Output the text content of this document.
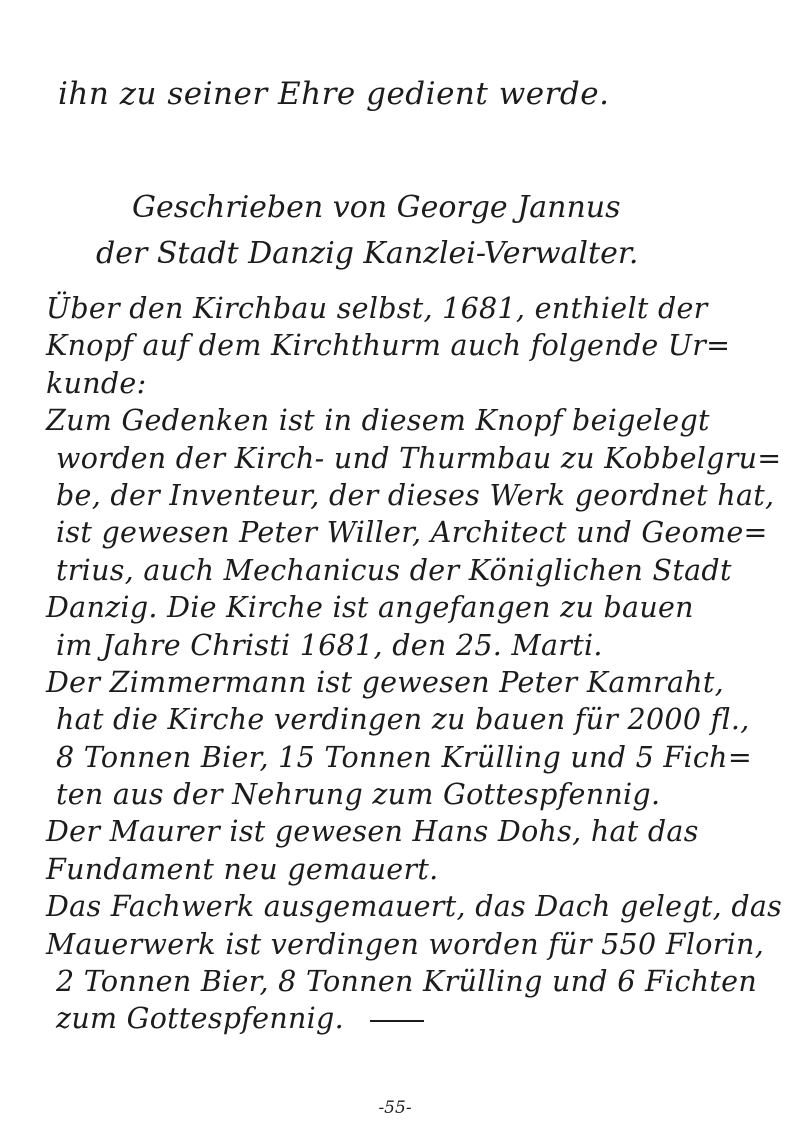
ihn zu seiner Ehre gedient werde.
Geschrieben von George Jannus
der Stadt Danzig Kanzlei-Verwalter.
Über den Kirchbau selbst, 1681, enthielt der
Knopf auf dem Kirchthurm auch folgende Ur=
kunde:
Zum Gedenken ist in diesem Knopf beigelegt
worden der Kirch- und Thurmbau zu Kobbelgru=
be, der Inventeur, der dieses Werk geordnet hat,
ist gewesen Peter Willer, Architect und Geome=
trius, auch Mechanicus der Königlichen Stadt
Danzig. Die Kirche ist angefangen zu bauen
im Jahre Christi 1681, den 25. Marti.
Der Zimmermann ist gewesen Peter Kamraht,
hat die Kirche verdingen zu bauen für 2000 fl.,
8 Tonnen Bier, 15 Tonnen Krülling und 5 Fich=
ten aus der Nehrung zum Gottespfennig.
Der Maurer ist gewesen Hans Dohs, hat das
Fundament neu gemauert.
Das Fachwerk ausgemauert, das Dach gelegt, das
Mauerwerk ist verdingen worden für 550 Florin,
2 Tonnen Bier, 8 Tonnen Krülling und 6 Fichten
zum Gottespfennig.
-55-
